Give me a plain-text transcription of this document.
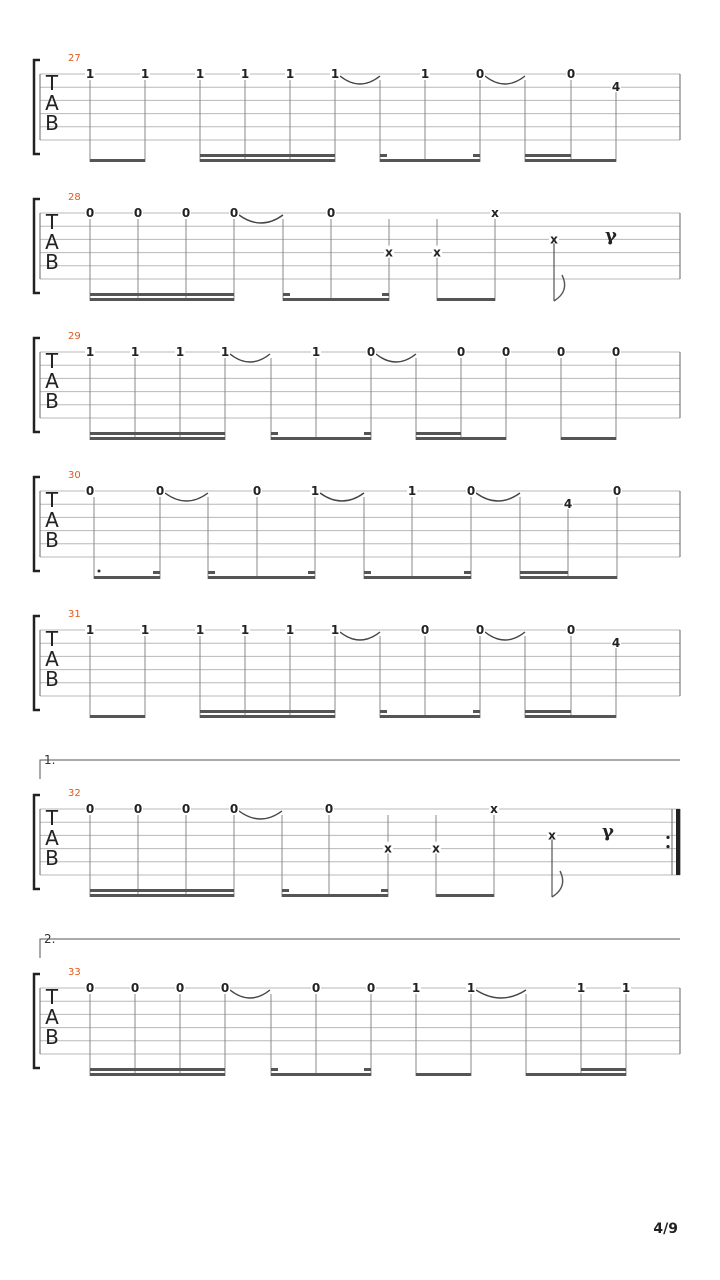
T
A
B
27
1	1	1	1	1	1	1	0	0
4
T
A
B
28
0	0	0	0	0
x	x
x
x	γ
T
A
B
29
1	1	1	1	1	0	0	0	0	0
T
A
B
30
0	0	0	1	1	0
4
0
T
A
B
31
1	1	1	1	1	1	0	0	0
4
T
A
B
32
0	0	0	0	0
x	x
x
x	γ
T
A
B
33
0	0	0	0	0	0	1	1	1	1
1.
2.
4/9
